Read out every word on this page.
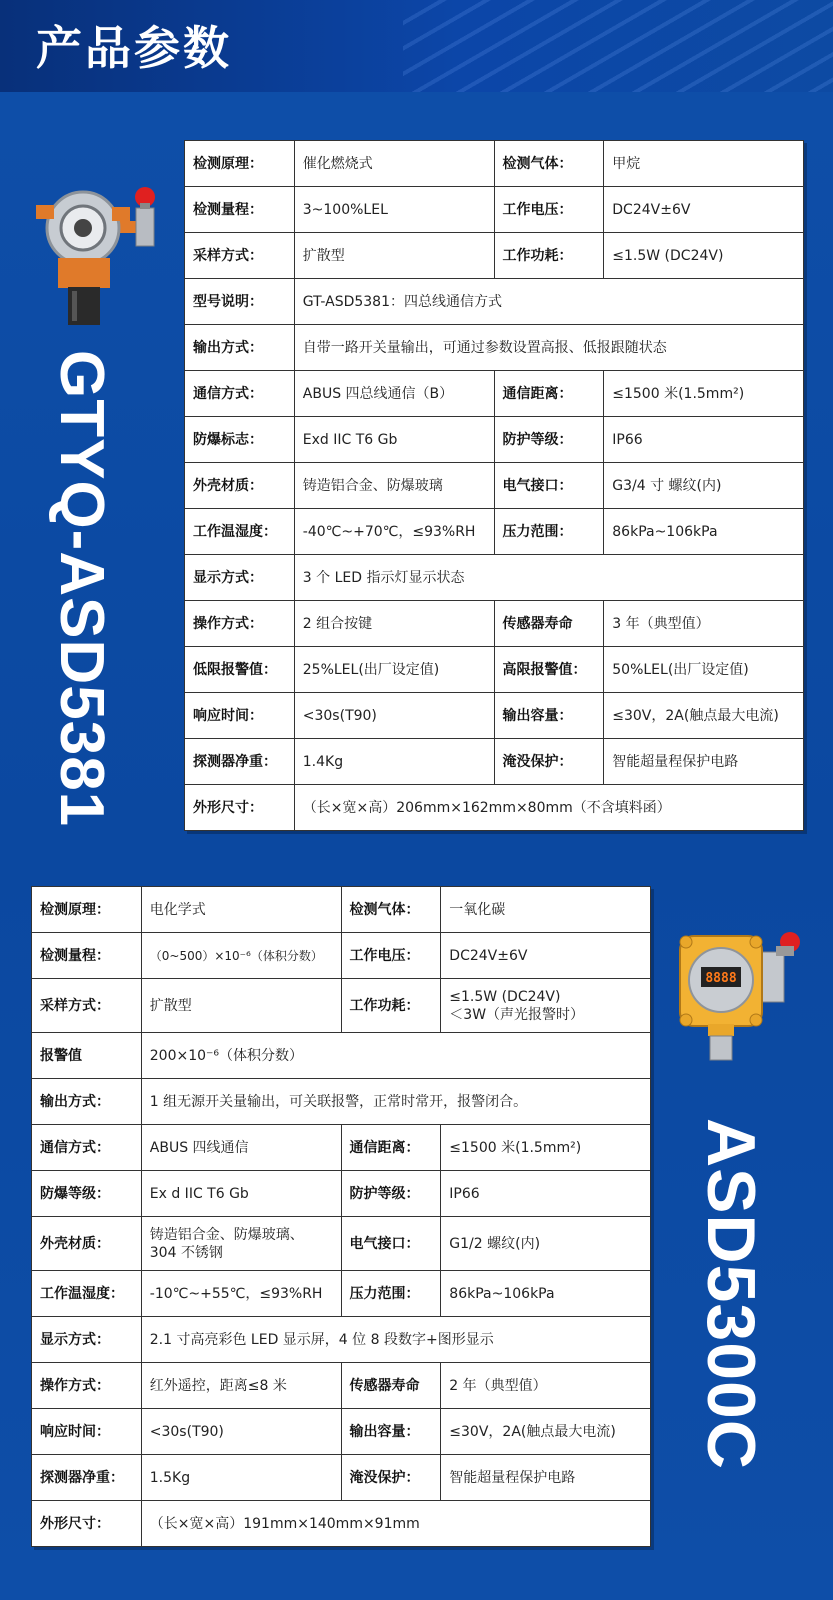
产品参数
GTYQ-ASD5381
检测原理：	催化燃烧式	检测气体：	甲烷
检测量程：	3~100%LEL	工作电压：	DC24V±6V
采样方式：	扩散型	工作功耗：	≤1.5W (DC24V)
型号说明：	GT-ASD5381：四总线通信方式		
输出方式：	自带一路开关量输出，可通过参数设置高报、低报跟随状态		
通信方式：	ABUS 四总线通信（B）	通信距离：	≤1500 米(1.5mm²)
防爆标志：	Exd IIC T6 Gb	防护等级：	IP66
外壳材质：	铸造铝合金、防爆玻璃	电气接口：	G3/4 寸 螺纹(内)
工作温湿度：	-40℃~+70℃，≤93%RH	压力范围：	86kPa~106kPa
显示方式：	3 个 LED 指示灯显示状态		
操作方式：	2 组合按键	传感器寿命	3 年（典型值）
低限报警值：	25%LEL(出厂设定值)	高限报警值：	50%LEL(出厂设定值)
响应时间：	<30s(T90)	输出容量：	≤30V，2A(触点最大电流)
探测器净重：	1.4Kg	淹没保护：	智能超量程保护电路
外形尺寸：	（长×宽×高）206mm×162mm×80mm（不含填料函）		
8888
ASD5300C
检测原理：	电化学式	检测气体：	一氧化碳
检测量程：	（0~500）×10⁻⁶（体积分数）	工作电压：	DC24V±6V
采样方式：	扩散型	工作功耗：	≤1.5W (DC24V)
＜3W（声光报警时）
报警值	200×10⁻⁶（体积分数）		
输出方式：	1 组无源开关量输出，可关联报警，正常时常开，报警闭合。		
通信方式：	ABUS 四线通信	通信距离：	≤1500 米(1.5mm²)
防爆等级：	Ex d IIC T6 Gb	防护等级：	IP66
外壳材质：	铸造铝合金、防爆玻璃、
304 不锈钢	电气接口：	G1/2 螺纹(内)
工作温湿度：	-10℃~+55℃，≤93%RH	压力范围：	86kPa~106kPa
显示方式：	2.1 寸高亮彩色 LED 显示屏，4 位 8 段数字+图形显示		
操作方式：	红外遥控，距离≤8 米	传感器寿命	2 年（典型值）
响应时间：	<30s(T90)	输出容量：	≤30V，2A(触点最大电流)
探测器净重：	1.5Kg	淹没保护：	智能超量程保护电路
外形尺寸：	（长×宽×高）191mm×140mm×91mm		
